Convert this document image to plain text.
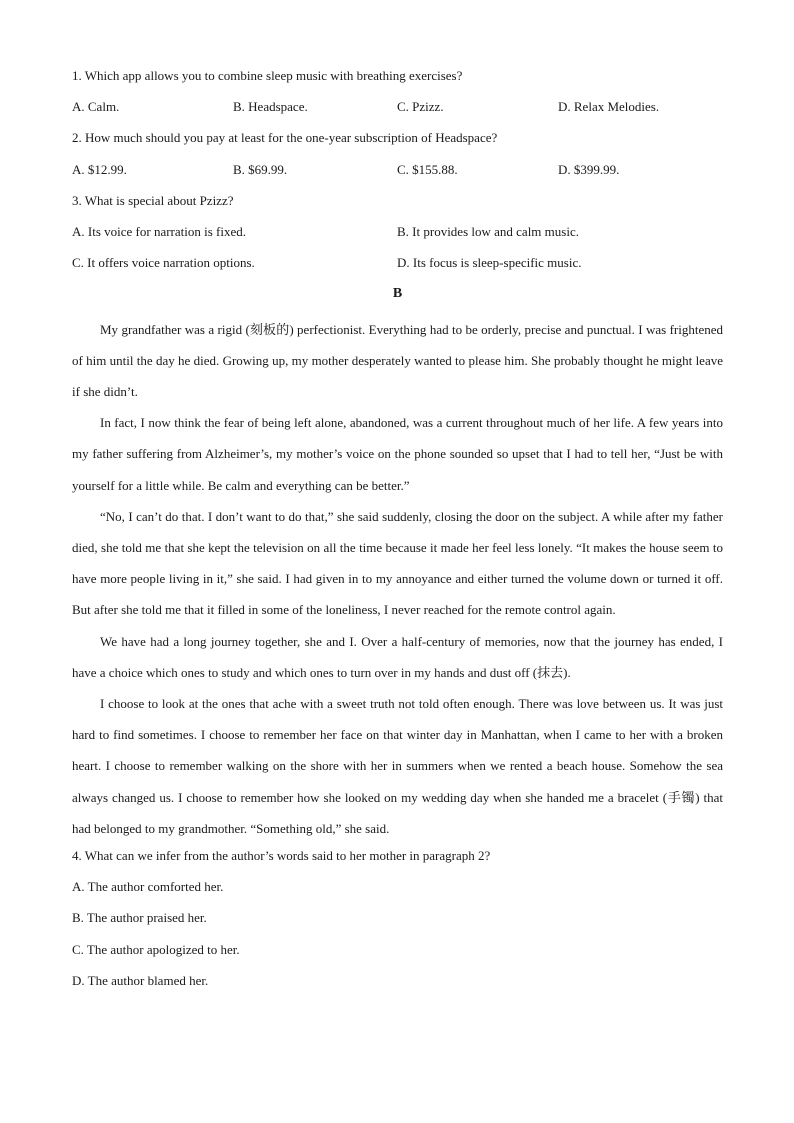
1. Which app allows you to combine sleep music with breathing exercises?
A. Calm.	B. Headspace.	C. Pzizz.	D. Relax Melodies.
2. How much should you pay at least for the one-year subscription of Headspace?
A. $12.99.	B. $69.99.	C. $155.88.	D. $399.99.
3. What is special about Pzizz?
A. Its voice for narration is fixed.	B. It provides low and calm music.
C. It offers voice narration options.	D. Its focus is sleep-specific music.
B

My grandfather was a rigid (刻板的) perfectionist. Everything had to be orderly, precise and punctual. I was frightened of him until the day he died. Growing up, my mother desperately wanted to please him. She probably thought he might leave if she didn’t.

In fact, I now think the fear of being left alone, abandoned, was a current throughout much of her life. A few years into my father suffering from Alzheimer’s, my mother’s voice on the phone sounded so upset that I had to tell her, “Just be with yourself for a little while. Be calm and everything can be better.”

“No, I can’t do that. I don’t want to do that,” she said suddenly, closing the door on the subject. A while after my father died, she told me that she kept the television on all the time because it made her feel less lonely. “It makes the house seem to have more people living in it,” she said. I had given in to my annoyance and either turned the volume down or turned it off. But after she told me that it filled in some of the loneliness, I never reached for the remote control again.

We have had a long journey together, she and I. Over a half-century of memories, now that the journey has ended, I have a choice which ones to study and which ones to turn over in my hands and dust off (抹去).

I choose to look at the ones that ache with a sweet truth not told often enough. There was love between us. It was just hard to find sometimes. I choose to remember her face on that winter day in Manhattan, when I came to her with a broken heart. I choose to remember walking on the shore with her in summers when we rented a beach house. Somehow the sea always changed us. I choose to remember how she looked on my wedding day when she handed me a bracelet (手镯) that had belonged to my grandmother. “Something old,” she said.

4. What can we infer from the author’s words said to her mother in paragraph 2?
A. The author comforted her.
B. The author praised her.
C. The author apologized to her.
D. The author blamed her.
